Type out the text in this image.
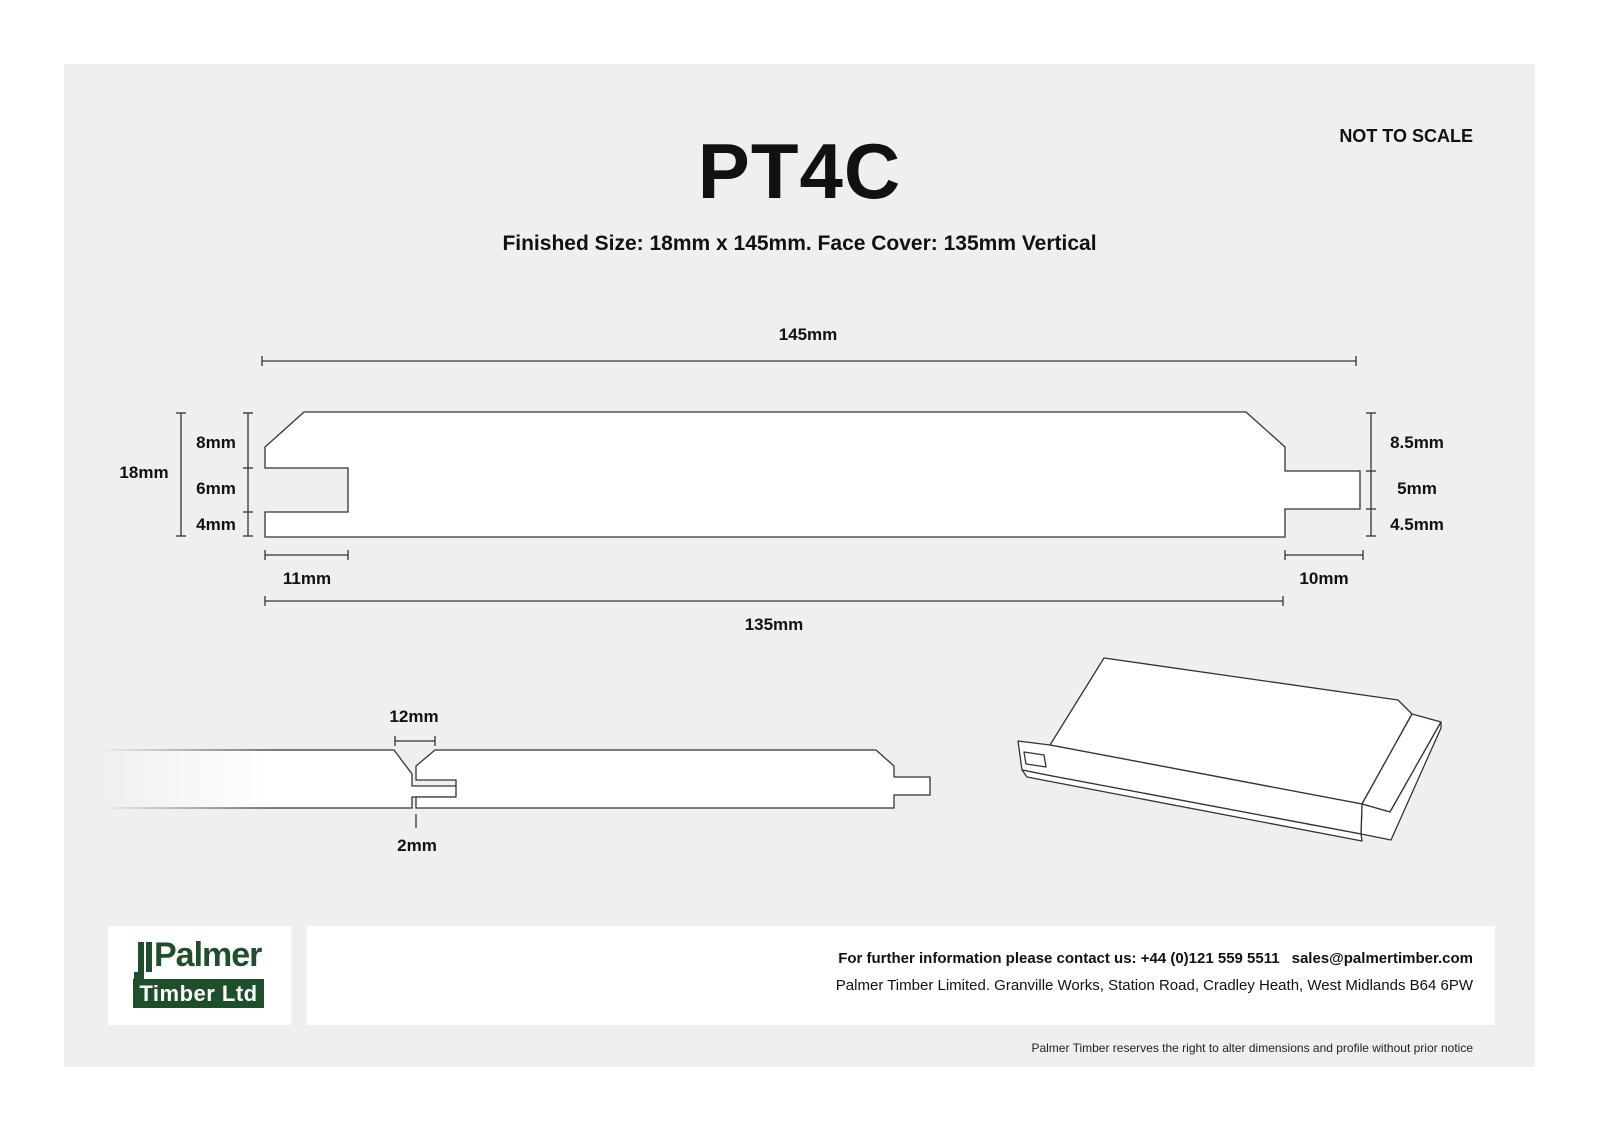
PT4C	NOT TO SCALE
Finished Size: 18mm x 145mm. Face Cover: 135mm Vertical
145mm
18mm
8mm
6mm
4mm
8.5mm
5mm
4.5mm
11mm	10mm
135mm
12mm
2mm
Palmer
Timber Ltd
For further information please contact us: +44 (0)121 559 5511 sales@palmertimber.com
Palmer Timber Limited. Granville Works, Station Road, Cradley Heath, West Midlands B64 6PW
Palmer Timber reserves the right to alter dimensions and profile without prior notice
